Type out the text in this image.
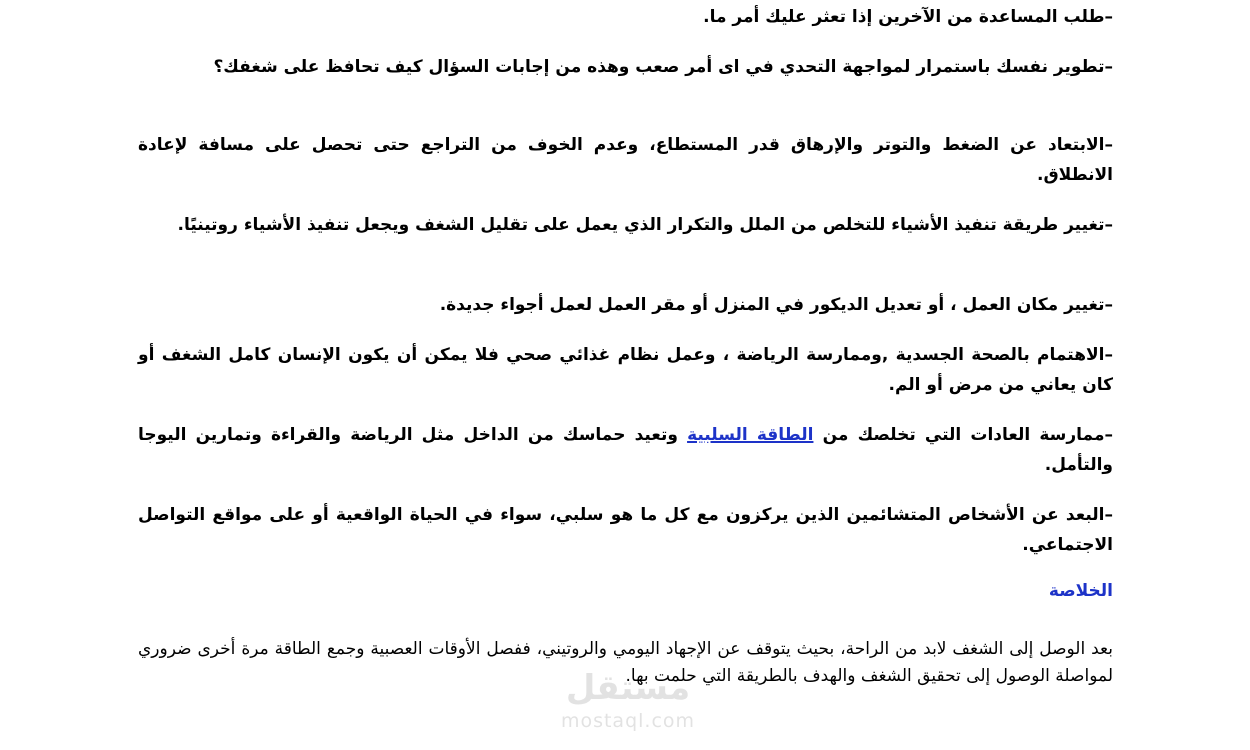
–طلب المساعدة من الآخرين إذا تعثر عليك أمر ما.

–تطوير نفسك باستمرار لمواجهة التحدي في اى أمر صعب وهذه من إجابات السؤال كيف تحافظ على شغفك؟

–الابتعاد عن الضغط والتوتر والإرهاق قدر المستطاع، وعدم الخوف من التراجع حتى تحصل على مسافة لإعادة الانطلاق.

–تغيير طريقة تنفيذ الأشياء للتخلص من الملل والتكرار الذي يعمل على تقليل الشغف ويجعل تنفيذ الأشياء روتينيًا.

–تغيير مكان العمل ، أو تعديل الديكور في المنزل أو مقر العمل لعمل أجواء جديدة.

–الاهتمام بالصحة الجسدية ,وممارسة الرياضة ، وعمل نظام غذائي صحي فلا يمكن أن يكون الإنسان كامل الشغف أو كان يعاني من مرض أو الم.

–ممارسة العادات التي تخلصك من الطاقة السلبية وتعيد حماسك من الداخل مثل الرياضة والقراءة وتمارين اليوجا والتأمل.

–البعد عن الأشخاص المتشائمين الذين يركزون مع كل ما هو سلبي، سواء في الحياة الواقعية أو على مواقع التواصل الاجتماعي.

الخلاصة

بعد الوصل إلى الشغف لابد من الراحة، بحيث يتوقف عن الإجهاد اليومي والروتيني، ففصل الأوقات العصبية وجمع الطاقة مرة أخرى ضروري لمواصلة الوصول إلى تحقيق الشغف والهدف بالطريقة التي حلمت بها.

مستقل
mostaql.com
